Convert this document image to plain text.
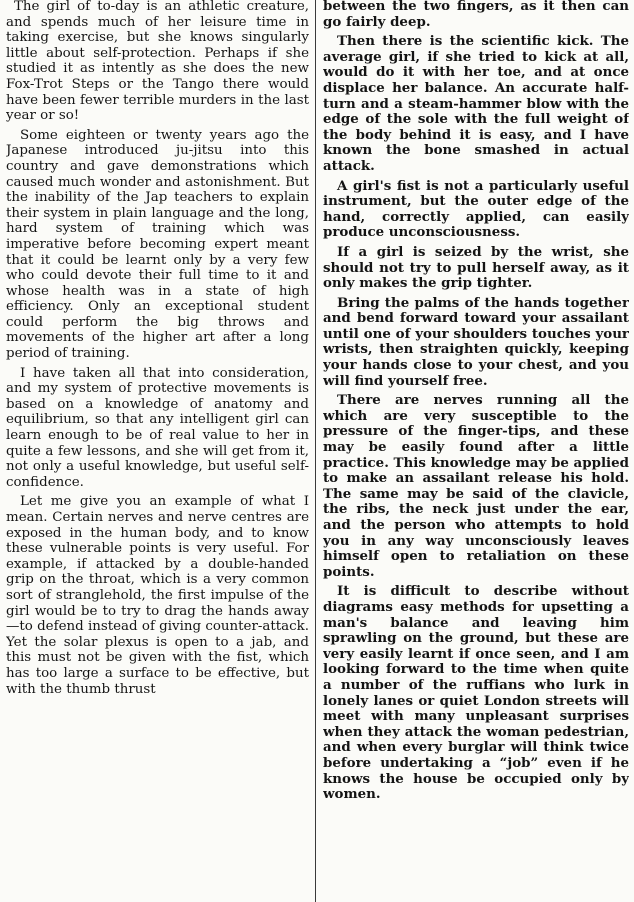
The girl of to-day is an athletic creature, and spends much of her leisure time in taking exercise, but she knows singularly little about self-protection. Perhaps if she studied it as intently as she does the new Fox-Trot Steps or the Tango there would have been fewer terrible murders in the last year or so!

Some eighteen or twenty years ago the Japanese introduced ju-jitsu into this country and gave demonstrations which caused much wonder and astonishment. But the inability of the Jap teachers to explain their system in plain language and the long, hard system of training which was imperative before becoming expert meant that it could be learnt only by a very few who could devote their full time to it and whose health was in a state of high efficiency. Only an exceptional student could perform the big throws and movements of the higher art after a long period of training.

I have taken all that into consideration, and my system of protective movements is based on a knowledge of anatomy and equilibrium, so that any intelligent girl can learn enough to be of real value to her in quite a few lessons, and she will get from it, not only a useful knowledge, but useful self-confidence.

Let me give you an example of what I mean. Certain nerves and nerve centres are exposed in the human body, and to know these vulnerable points is very useful. For example, if attacked by a double-handed grip on the throat, which is a very common sort of stranglehold, the first impulse of the girl would be to try to drag the hands away—to defend instead of giving counter-attack. Yet the solar plexus is open to a jab, and this must not be given with the fist, which has too large a surface to be effective, but with the thumb thrust

between the two fingers, as it then can go fairly deep.

Then there is the scientific kick. The average girl, if she tried to kick at all, would do it with her toe, and at once displace her balance. An accurate half-turn and a steam-hammer blow with the edge of the sole with the full weight of the body behind it is easy, and I have known the bone smashed in actual attack.

A girl's fist is not a particularly useful instrument, but the outer edge of the hand, correctly applied, can easily produce unconsciousness.

If a girl is seized by the wrist, she should not try to pull herself away, as it only makes the grip tighter.

Bring the palms of the hands together and bend forward toward your assailant until one of your shoulders touches your wrists, then straighten quickly, keeping your hands close to your chest, and you will find yourself free.

There are nerves running all the which are very susceptible to the pressure of the finger-tips, and these may be easily found after a little practice. This knowledge may be applied to make an assailant release his hold. The same may be said of the clavicle, the ribs, the neck just under the ear, and the person who attempts to hold you in any way unconsciously leaves himself open to retaliation on these points.

It is difficult to describe without diagrams easy methods for upsetting a man's balance and leaving him sprawling on the ground, but these are very easily learnt if once seen, and I am looking forward to the time when quite a number of the ruffians who lurk in lonely lanes or quiet London streets will meet with many unpleasant surprises when they attack the woman pedestrian, and when every burglar will think twice before undertaking a “job” even if he knows the house be occupied only by women.
